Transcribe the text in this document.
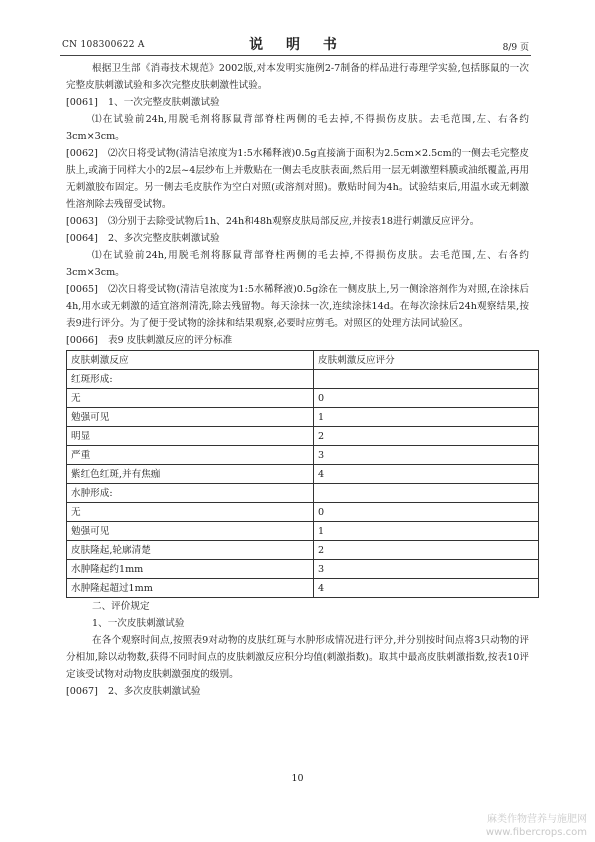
CN 108300622 A	说 明 书	8/9 页

根据卫生部《消毒技术规范》2002版,对本发明实施例2-7制备的样品进行毒理学实验,包括豚鼠的一次完整皮肤刺激试验和多次完整皮肤刺激性试验。

[0061] 1、一次完整皮肤刺激试验

⑴在试验前24h,用脱毛剂将豚鼠背部脊柱两侧的毛去掉,不得损伤皮肤。去毛范围,左、右各约3cm×3cm。

[0062] ⑵次日将受试物(清洁皂浓度为1:5水稀释液)0.5g直接滴于面积为2.5cm×2.5cm的一侧去毛完整皮肤上,或滴于同样大小的2层~4层纱布上并敷贴在一侧去毛皮肤表面,然后用一层无刺激塑料膜或油纸覆盖,再用无刺激胶布固定。另一侧去毛皮肤作为空白对照(或溶剂对照)。敷贴时间为4h。试验结束后,用温水或无刺激性溶剂除去残留受试物。

[0063] ⑶分别于去除受试物后1h、24h和48h观察皮肤局部反应,并按表18进行刺激反应评分。

[0064] 2、多次完整皮肤刺激试验

⑴在试验前24h,用脱毛剂将豚鼠背部脊柱两侧的毛去掉,不得损伤皮肤。去毛范围,左、右各约3cm×3cm。

[0065] ⑵次日将受试物(清洁皂浓度为1:5水稀释液)0.5g涂在一侧皮肤上,另一侧涂溶剂作为对照,在涂抹后4h,用水或无刺激的适宜溶剂清洗,除去残留物。每天涂抹一次,连续涂抹14d。在每次涂抹后24h观察结果,按表9进行评分。为了便于受试物的涂抹和结果观察,必要时应剪毛。对照区的处理方法同试验区。

[0066] 表9 皮肤刺激反应的评分标准

皮肤刺激反应	皮肤刺激反应评分
红斑形成:	
无	0
勉强可见	1
明显	2
严重	3
紫红色红斑,并有焦痂	4
水肿形成:	
无	0
勉强可见	1
皮肤隆起,轮廓清楚	2
水肿隆起约1mm	3
水肿隆起超过1mm	4

二、评价规定

1、一次皮肤刺激试验

在各个观察时间点,按照表9对动物的皮肤红斑与水肿形成情况进行评分,并分别按时间点将3只动物的评分相加,除以动物数,获得不同时间点的皮肤刺激反应积分均值(刺激指数)。取其中最高皮肤刺激指数,按表10评定该受试物对动物皮肤刺激强度的级别。

[0067] 2、多次皮肤刺激试验

10
麻类作物营养与施肥网
www.fibercrops.com
